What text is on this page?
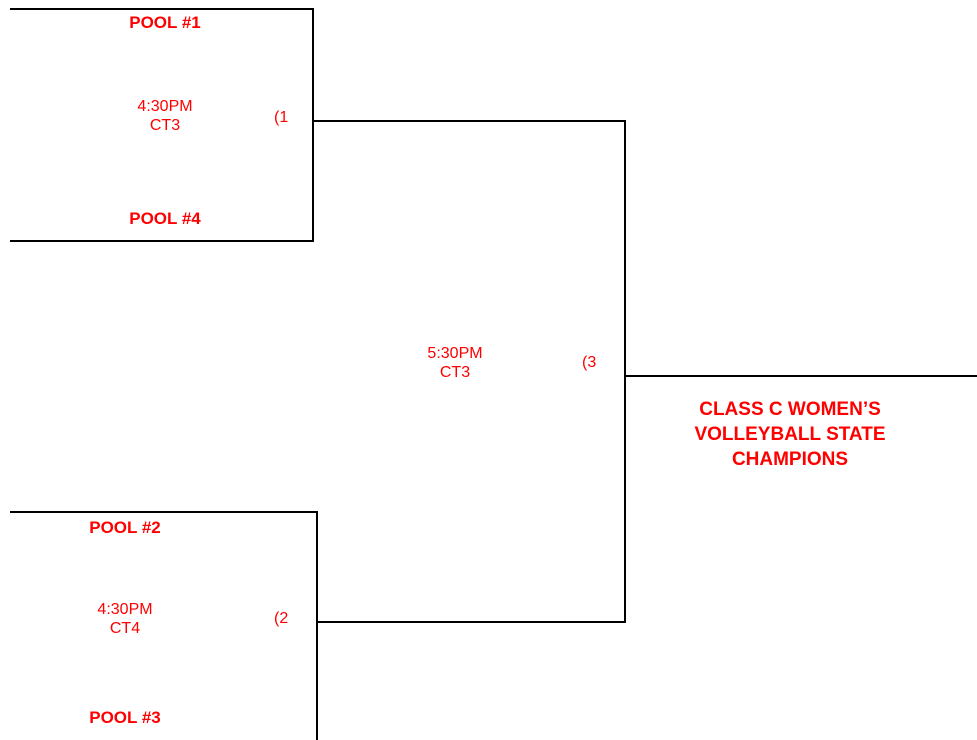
POOL #1
4:30PM
CT3	(1
POOL #4
5:30PM
CT3
(3
CLASS C WOMEN’S
VOLLEYBALL STATE
CHAMPIONS
POOL #2
4:30PM
CT4
(2
POOL #3
